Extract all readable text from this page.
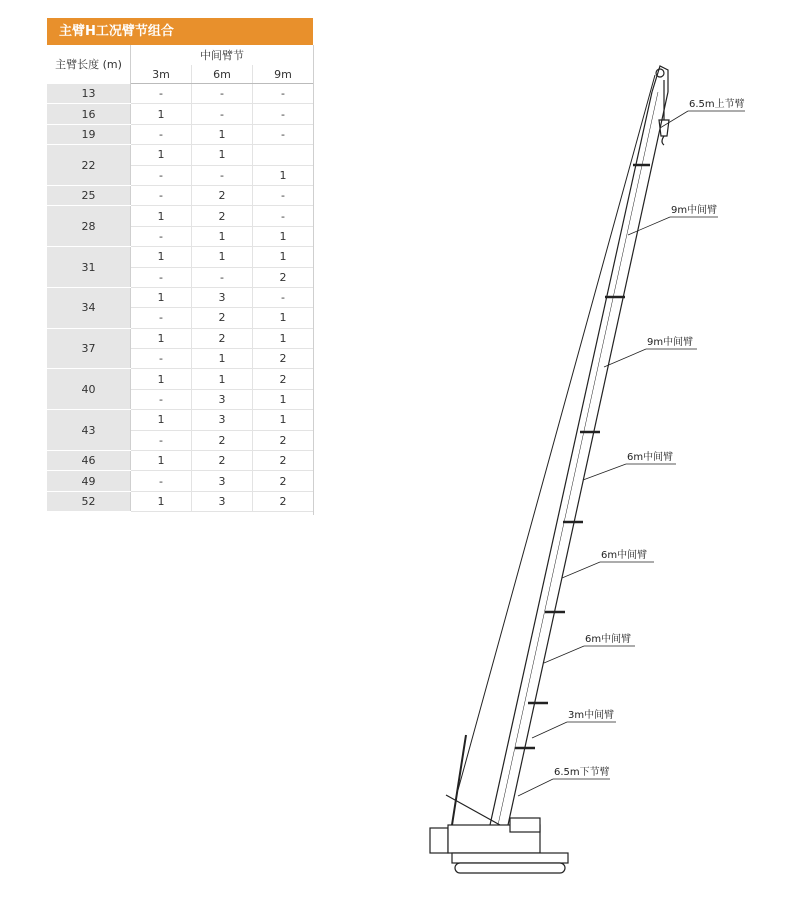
主臂H工况臂节组合
主臂长度 (m)	中间臂节		
	3m	6m	9m
13	-	-	-
16	1	-	-
19	-	1	-
22	1	1	
	-	-	1
25	-	2	-
28	1	2	-
	-	1	1
31	1	1	1
	-	-	2
34	1	3	-
	-	2	1
37	1	2	1
	-	1	2
40	1	1	2
	-	3	1
43	1	3	1
	-	2	2
46	1	2	2
49	-	3	2
52	1	3	2
6.5m上节臂
9m中间臂
9m中间臂
6m中间臂
6m中间臂
6m中间臂
3m中间臂
6.5m下节臂
